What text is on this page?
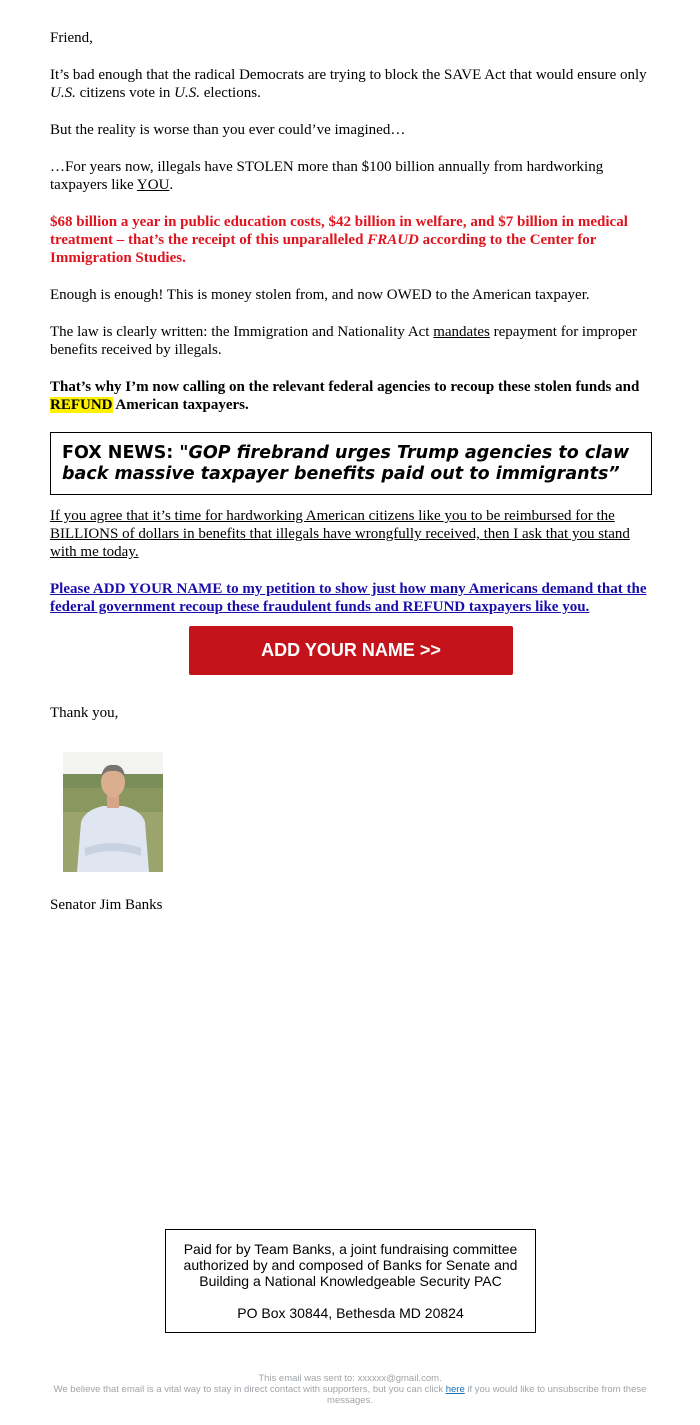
Friend,

It’s bad enough that the radical Democrats are trying to block the SAVE Act that would ensure only U.S. citizens vote in U.S. elections.

But the reality is worse than you ever could’ve imagined…

…For years now, illegals have STOLEN more than $100 billion annually from hardworking taxpayers like YOU.

$68 billion a year in public education costs, $42 billion in welfare, and $7 billion in medical treatment – that’s the receipt of this unparalleled FRAUD according to the Center for Immigration Studies.

Enough is enough! This is money stolen from, and now OWED to the American taxpayer.

The law is clearly written: the Immigration and Nationality Act mandates repayment for improper benefits received by illegals.

That’s why I’m now calling on the relevant federal agencies to recoup these stolen funds and REFUND American taxpayers.

FOX NEWS: "GOP firebrand urges Trump agencies to claw back massive taxpayer benefits paid out to immigrants”

If you agree that it’s time for hardworking American citizens like you to be reimbursed for the BILLIONS of dollars in benefits that illegals have wrongfully received, then I ask that you stand with me today.

Please ADD YOUR NAME to my petition to show just how many Americans demand that the federal government recoup these fraudulent funds and REFUND taxpayers like you.

ADD YOUR NAME >>

Thank you,

Senator Jim Banks

Paid for by Team Banks, a joint fundraising committee authorized by and composed of Banks for Senate and Building a National Knowledgeable Security PAC
PO Box 30844, Bethesda MD 20824
This email was sent to: xxxxxx@gmail.com.
We believe that email is a vital way to stay in direct contact with supporters, but you can click here if you would like to unsubscribe from these messages.
